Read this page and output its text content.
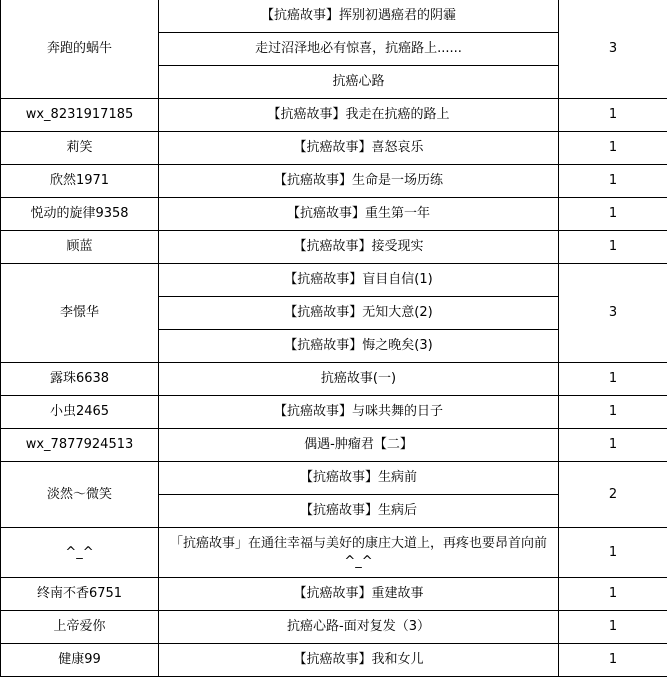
奔跑的蜗牛	【抗癌故事】挥别初遇癌君的阴霾	3
	走过沼泽地必有惊喜，抗癌路上......	
	抗癌心路	
wx_8231917185	【抗癌故事】我走在抗癌的路上	1
莉笑	【抗癌故事】喜怒哀乐	1
欣然1971	【抗癌故事】生命是一场历练	1
悦动的旋律9358	【抗癌故事】重生第一年	1
顾蓝	【抗癌故事】接受现实	1
李憬华	【抗癌故事】盲目自信(1)	3
	【抗癌故事】无知大意(2)	
	【抗癌故事】悔之晚矣(3)	
露珠6638	抗癌故事(一)	1
小虫2465	【抗癌故事】与咪共舞的日子	1
wx_7877924513	偶遇-肿瘤君【二】	1
淡然～微笑	【抗癌故事】生病前	2
	【抗癌故事】生病后	
^_^	「抗癌故事」在通往幸福与美好的康庄大道上，再疼也要昂首向前^_^	1
终南不香6751	【抗癌故事】重建故事	1
上帝爱你	抗癌心路-面对复发（3）	1
健康99	【抗癌故事】我和女儿	1
